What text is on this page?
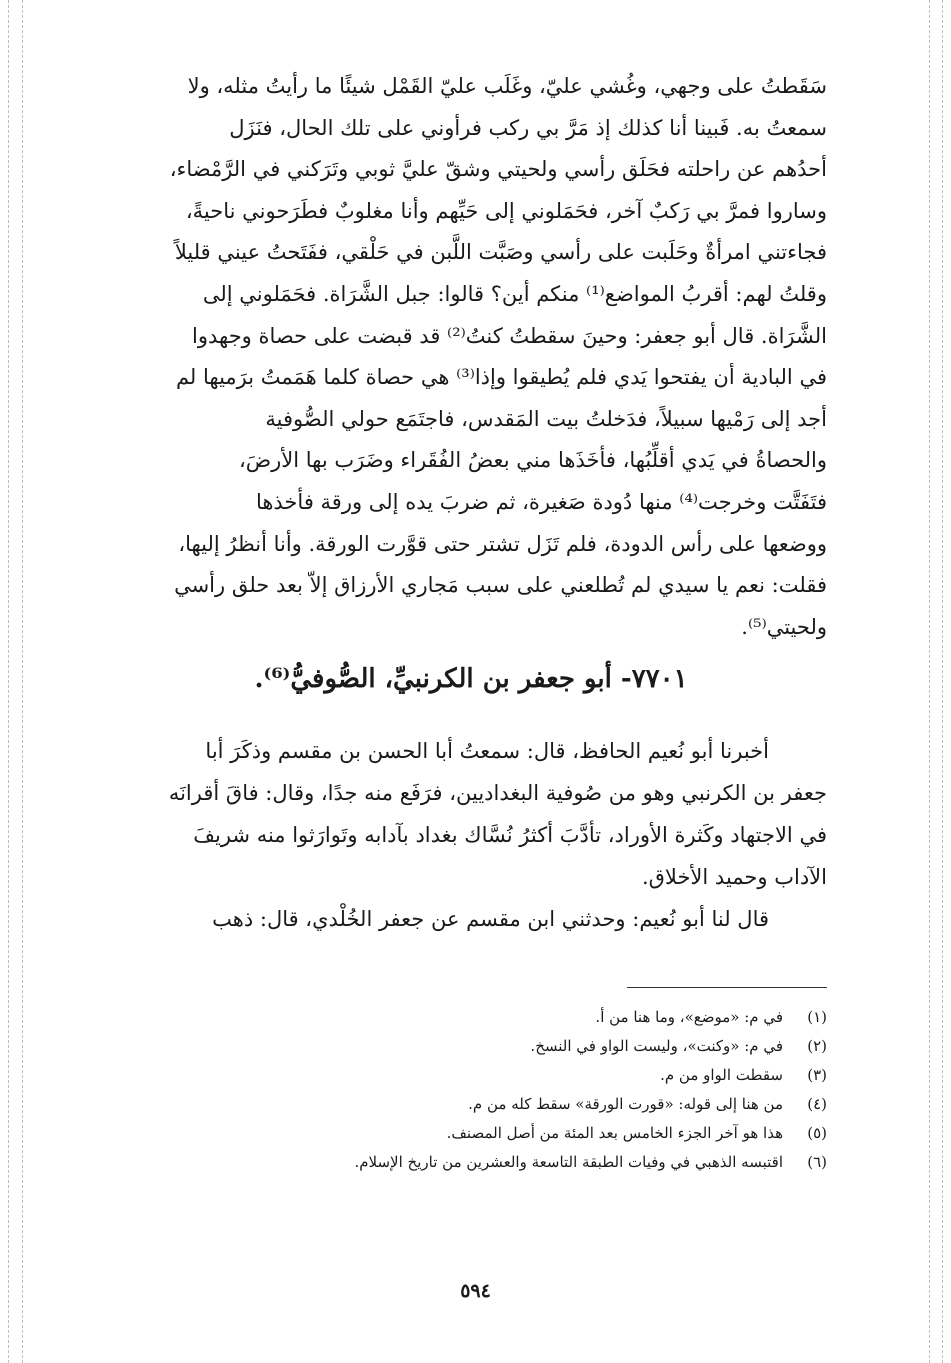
سَقَطتُ على وجهي، وغُشي عليّ، وغَلَب عليّ القَمْل شيئًا ما رأيتُ مثله، ولا
سمعتُ به. فَبينا أنا كذلك إذ مَرَّ بي ركب فرأوني على تلك الحال، فنَزَل
أحدُهم عن راحلته فحَلَق رأسي ولحيتي وشقّ عليَّ ثوبي وتَرَكني في الرَّمْضاء،
وساروا فمرَّ بي رَكبٌ آخر، فحَمَلوني إلى حَيِّهم وأنا مغلوبٌ فطَرَحوني ناحيةً،
فجاءتني امرأةٌ وحَلَبت على رأسي وصَبَّت اللَّبن في حَلْقي، ففَتَحتُ عيني قليلاً
وقلتُ لهم: أقربُ المواضع⁽¹⁾ منكم أين؟ قالوا: جبل الشَّرَاة. فحَمَلوني إلى
الشَّرَاة. قال أبو جعفر: وحينَ سقطتُ كنتُ⁽²⁾ قد قبضت على حصاة وجهدوا
في البادية أن يفتحوا يَدي فلم يُطيقوا وإذا⁽³⁾ هي حصاة كلما هَمَمتُ برَميها لم
أجد إلى رَمْيها سبيلاً، فدَخلتُ بيت المَقدس، فاجتَمَع حولي الصُّوفية
والحصاةُ في يَدي أقلِّبُها، فأخَذَها مني بعضُ الفُقَراء وضَرَب بها الأرضَ،
فتَفَتَّت وخرجت⁽⁴⁾ منها دُودة صَغيرة، ثم ضربَ يده إلى ورقة فأخذها
ووضعها على رأس الدودة، فلم تَزَل تشتر حتى قوَّرت الورقة. وأنا أنظرُ إليها،
فقلت: نعم يا سيدي لم تُطلعني على سبب مَجاري الأرزاق إلاّ بعد حلق رأسي
ولحيتي⁽⁵⁾.
٧٧٠١- أبو جعفر بن الكرنبيِّ، الصُّوفيُّ⁽⁶⁾.
أخبرنا أبو نُعيم الحافظ، قال: سمعتُ أبا الحسن بن مقسم وذكَرَ أبا
جعفر بن الكرنبي وهو من صُوفية البغداديين، فرَفَع منه جدًا، وقال: فاقَ أقرانَه
في الاجتهاد وكَثرة الأوراد، تأدَّبَ أكثرُ نُسَّاك بغداد بآدابه وتَوارَثوا منه شريفَ
الآداب وحميد الأخلاق.
قال لنا أبو نُعيم: وحدثني ابن مقسم عن جعفر الخُلْدي، قال: ذهب
(١)
في م: «موضع»، وما هنا من أ.
(٢)
في م: «وكنت»، وليست الواو في النسخ.
(٣)
سقطت الواو من م.
(٤)
من هنا إلى قوله: «قورت الورقة» سقط كله من م.
(٥)
هذا هو آخر الجزء الخامس بعد المئة من أصل المصنف.
(٦)
اقتبسه الذهبي في وفيات الطبقة التاسعة والعشرين من تاريخ الإسلام.
٥٩٤
